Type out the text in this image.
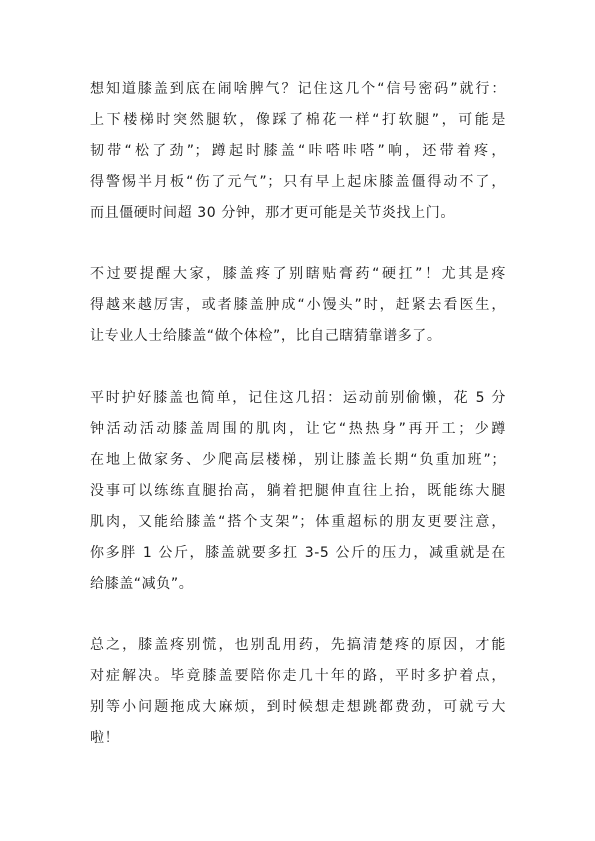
想知道膝盖到底在闹啥脾气？记住这几个“信号密码”就行：
上下楼梯时突然腿软，像踩了棉花一样“打软腿”，可能是
韧带“松了劲”；蹲起时膝盖“咔嗒咔嗒”响，还带着疼，
得警惕半月板“伤了元气”；只有早上起床膝盖僵得动不了，
而且僵硬时间超 30 分钟，那才更可能是关节炎找上门。

不过要提醒大家，膝盖疼了别瞎贴膏药“硬扛”！尤其是疼
得越来越厉害，或者膝盖肿成“小馒头”时，赶紧去看医生，
让专业人士给膝盖“做个体检”，比自己瞎猜靠谱多了。

平时护好膝盖也简单，记住这几招：运动前别偷懒，花 5 分
钟活动活动膝盖周围的肌肉，让它“热热身”再开工；少蹲
在地上做家务、少爬高层楼梯，别让膝盖长期“负重加班”；
没事可以练练直腿抬高，躺着把腿伸直往上抬，既能练大腿
肌肉，又能给膝盖“搭个支架”；体重超标的朋友更要注意，
你多胖 1 公斤，膝盖就要多扛 3-5 公斤的压力，减重就是在
给膝盖“减负”。

总之，膝盖疼别慌，也别乱用药，先搞清楚疼的原因，才能
对症解决。毕竟膝盖要陪你走几十年的路，平时多护着点，
别等小问题拖成大麻烦，到时候想走想跳都费劲，可就亏大
啦！
